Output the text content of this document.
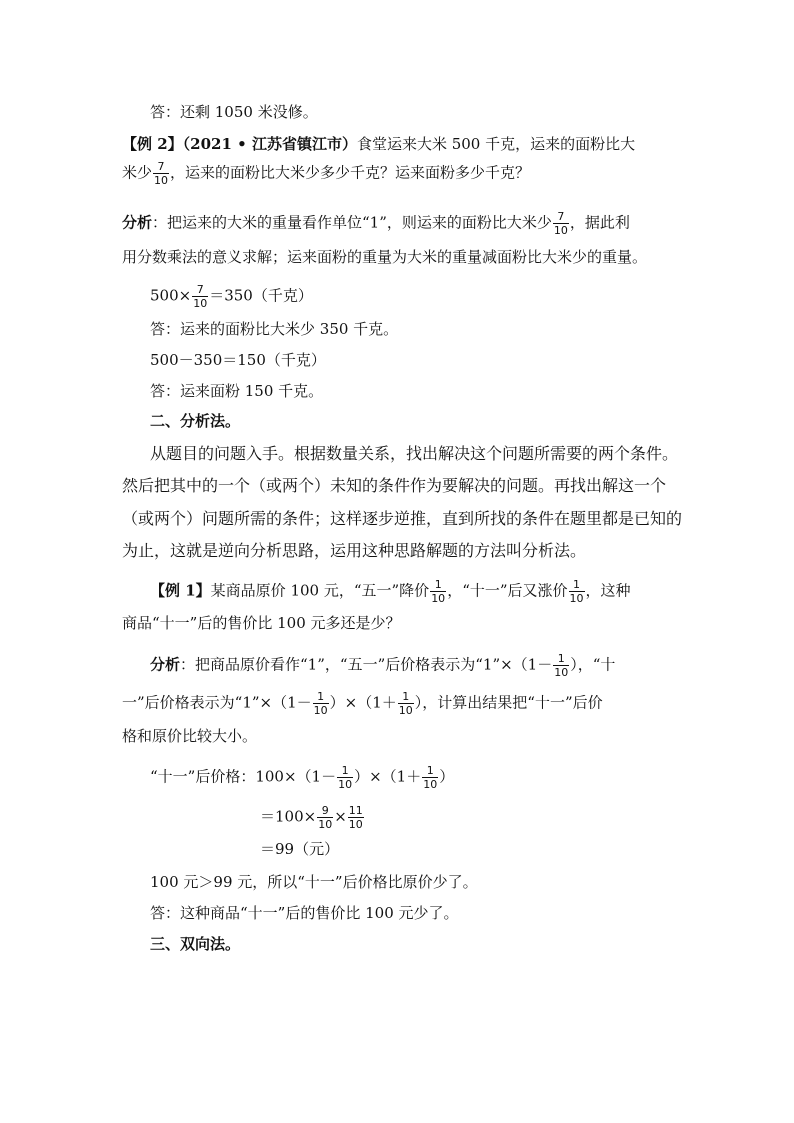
答：还剩 1050 米没修。
【例 2】（2021 • 江苏省镇江市）食堂运来大米 500 千克，运来的面粉比大
米少 $\frac{7}{10}$ ，运来的面粉比大米少多少千克？运来面粉多少千克？
分析：把运来的大米的重量看作单位“1”，则运来的面粉比大米少 $\frac{7}{10}$ ，据此利
用分数乘法的意义求解；运来面粉的重量为大米的重量减面粉比大米少的重量。
$500\times \frac{7}{10} =350$（千克）
答：运来的面粉比大米少 350 千克。
500－350＝150（千克）
答：运来面粉 150 千克。
二、分析法。
从题目的问题入手。根据数量关系，找出解决这个问题所需要的两个条件。
然后把其中的一个（或两个）未知的条件作为要解决的问题。再找出解这一个
（或两个）问题所需的条件；这样逐步逆推，直到所找的条件在题里都是已知的
为止，这就是逆向分析思路，运用这种思路解题的方法叫分析法。
【例 1】某商品原价 100 元，“五一”降价 $\frac{1}{10}$ ，“十一”后又涨价 $\frac{1}{10}$ ，这种
商品“十一”后的售价比 100 元多还是少？
分析：把商品原价看作“1”，“五一”后价格表示为“1”×（1－ $\frac{1}{10}$ ），“十
一”后价格表示为“1”×（1－ $\frac{1}{10} )\times(1+ \frac{1}{10}$ ），计算出结果把“十一”后价
格和原价比较大小。
“十一”后价格：$100\times(1- \frac{1}{10} )\times(1+ \frac{1}{10}$ ）
$=100\times \frac{9}{10} \times \frac{11}{10}$
＝99（元）
100 元＞99 元，所以“十一”后价格比原价少了。
答：这种商品“十一”后的售价比 100 元少了。
三、双向法。
